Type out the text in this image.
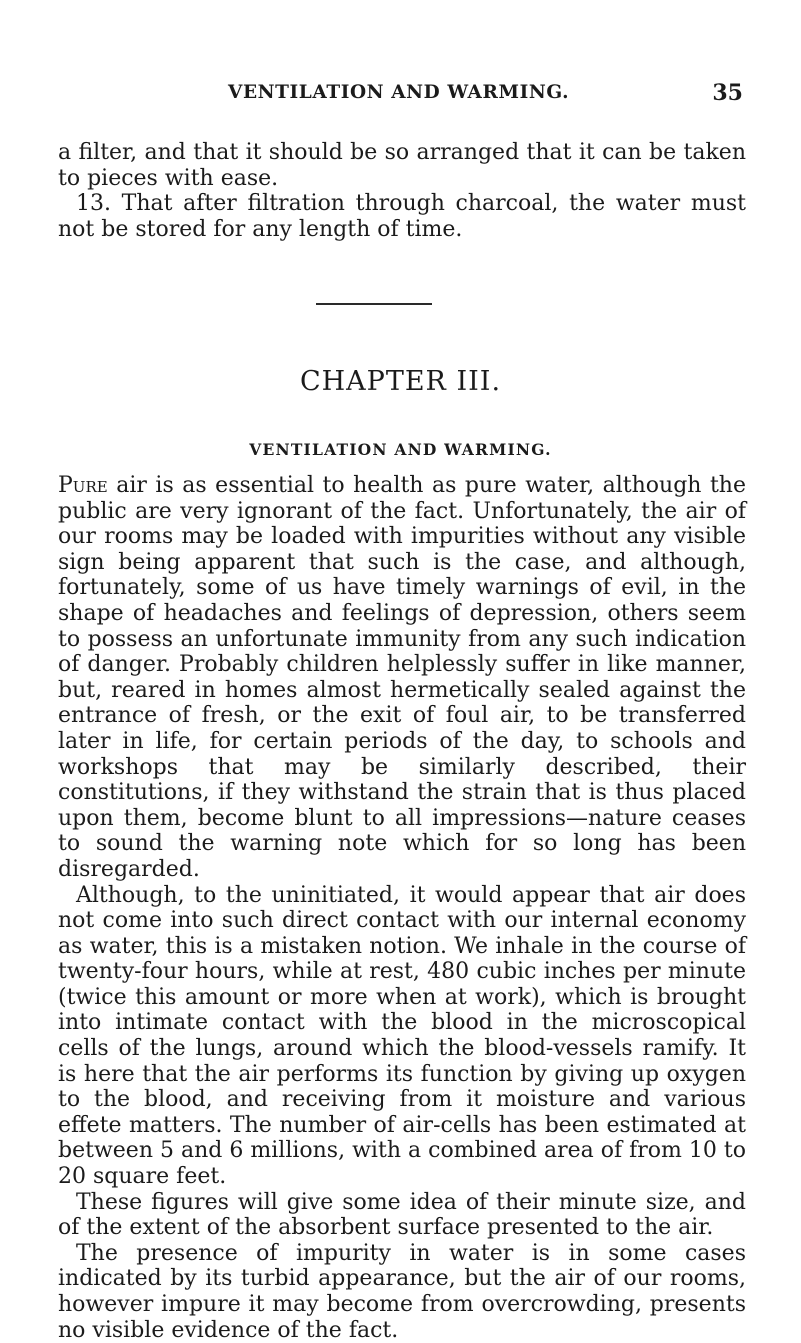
VENTILATION AND WARMING.	35

a filter, and that it should be so arranged that it can be taken to pieces with ease.

13. That after filtration through charcoal, the water must not be stored for any length of time.

CHAPTER III.
VENTILATION AND WARMING.

Pure air is as essential to health as pure water, although the public are very ignorant of the fact. Unfortunately, the air of our rooms may be loaded with impurities without any visible sign being apparent that such is the case, and although, fortunately, some of us have timely warnings of evil, in the shape of headaches and feelings of depression, others seem to possess an unfortunate immunity from any such indication of danger. Probably children helplessly suffer in like manner, but, reared in homes almost hermetically sealed against the entrance of fresh, or the exit of foul air, to be transferred later in life, for certain periods of the day, to schools and workshops that may be similarly described, their constitutions, if they withstand the strain that is thus placed upon them, become blunt to all impressions—nature ceases to sound the warning note which for so long has been disregarded.

Although, to the uninitiated, it would appear that air does not come into such direct contact with our internal economy as water, this is a mistaken notion. We inhale in the course of twenty-four hours, while at rest, 480 cubic inches per minute (twice this amount or more when at work), which is brought into intimate contact with the blood in the microscopical cells of the lungs, around which the blood-vessels ramify. It is here that the air performs its function by giving up oxygen to the blood, and receiving from it moisture and various effete matters. The number of air-cells has been estimated at between 5 and 6 millions, with a combined area of from 10 to 20 square feet.

These figures will give some idea of their minute size, and of the extent of the absorbent surface presented to the air.

The presence of impurity in water is in some cases indicated by its turbid appearance, but the air of our rooms, however impure it may become from overcrowding, presents no visible evidence of the fact.
